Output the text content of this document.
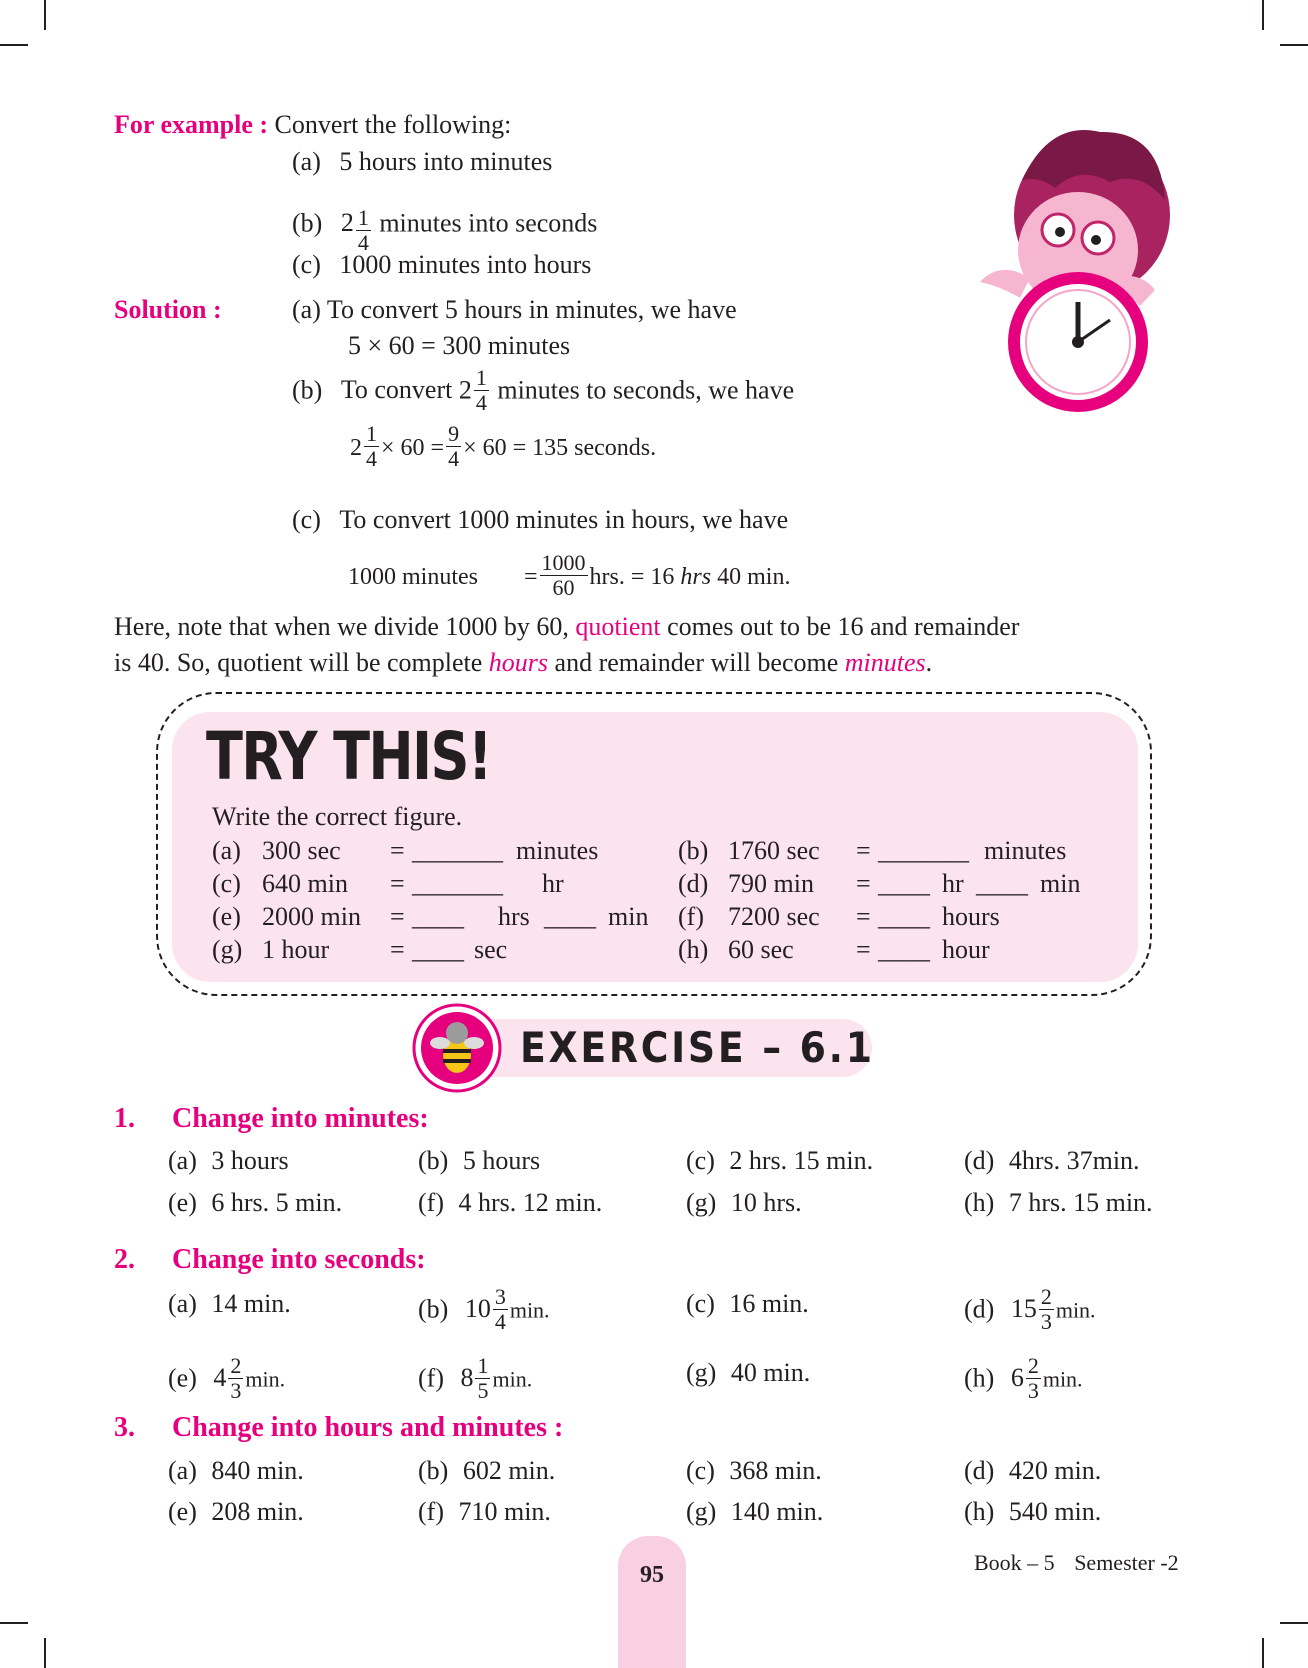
For example : Convert the following:
(a) 5 hours into minutes
(b) $2 \frac{1}{4}$ minutes into seconds
(c) 1000 minutes into hours
Solution :	(a) To convert 5 hours in minutes, we have
5 × 60 = 300 minutes
(b) To convert $2 \frac{1}{4}$ minutes to seconds, we have
$2 \frac{1}{4} \times 60 = \frac{9}{4} \times 60 = 135$ seconds.
(c) To convert 1000 minutes in hours, we have
1000 minutes = $\frac{1000}{60}$ hrs. = 16 hrs 40 min.
Here, note that when we divide 1000 by 60, quotient comes out to be 16 and remainder
is 40. So, quotient will be complete hours and remainder will become minutes.
TRY THIS!
Write the correct figure.
(a) 300 sec = _______ minutes
(c) 640 min = _______ hr
(e) 2000 min = ____ hrs ____ min
(g) 1 hour = ____ sec
(b) 1760 sec = _______ minutes
(d) 790 min = ____ hr ____ min
(f) 7200 sec = ____ hours
(h) 60 sec = ____ hour
EXERCISE – 6.1
1. Change into minutes:
(a) 3 hours	(b) 5 hours	(c) 2 hrs. 15 min.	(d) 4hrs. 37min.
(e) 6 hrs. 5 min.	(f) 4 hrs. 12 min.	(g) 10 hrs.	(h) 7 hrs. 15 min.
2. Change into seconds:
(a) 14 min.	(b) $10 \frac{3}{4} \min$.	(c) 16 min.	(d) $15 \frac{2}{3} \min$.
(e) $4 \frac{2}{3} \min$.	(f) $8 \frac{1}{5} \min$.	(g) 40 min.	(h) $6 \frac{2}{3} \min$.
3. Change into hours and minutes :
(a) 840 min.	(b) 602 min.	(c) 368 min.	(d) 420 min.
(e) 208 min.	(f) 710 min.	(g) 140 min.	(h) 540 min.
95	Book – 5 Semester -2
